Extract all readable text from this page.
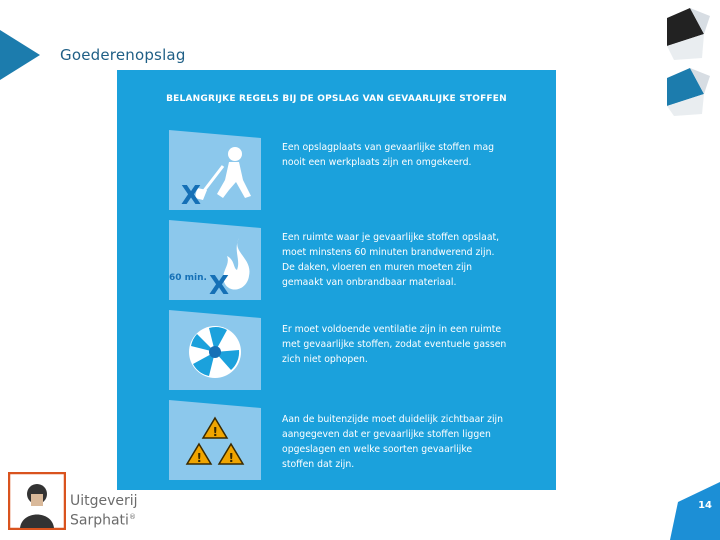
Goederenopslag
BELANGRIJKE REGELS BIJ DE OPSLAG VAN GEVAARLIJKE STOFFEN
X
Een opslagplaats van gevaarlijke stoffen mag nooit een werkplaats zijn en omgekeerd.
X
60 min.
Een ruimte waar je gevaarlijke stoffen opslaat, moet minstens 60 minuten brandwerend zijn. De daken, vloeren en muren moeten zijn gemaakt van onbrandbaar materiaal.
Er moet voldoende ventilatie zijn in een ruimte met gevaarlijke stoffen, zodat eventuele gassen zich niet ophopen.
!
! !
Aan de buitenzijde moet duidelijk zichtbaar zijn aangegeven dat er gevaarlijke stoffen liggen opgeslagen en welke soorten gevaarlijke stoffen dat zijn.
Uitgeverij
Sarphati®
14
